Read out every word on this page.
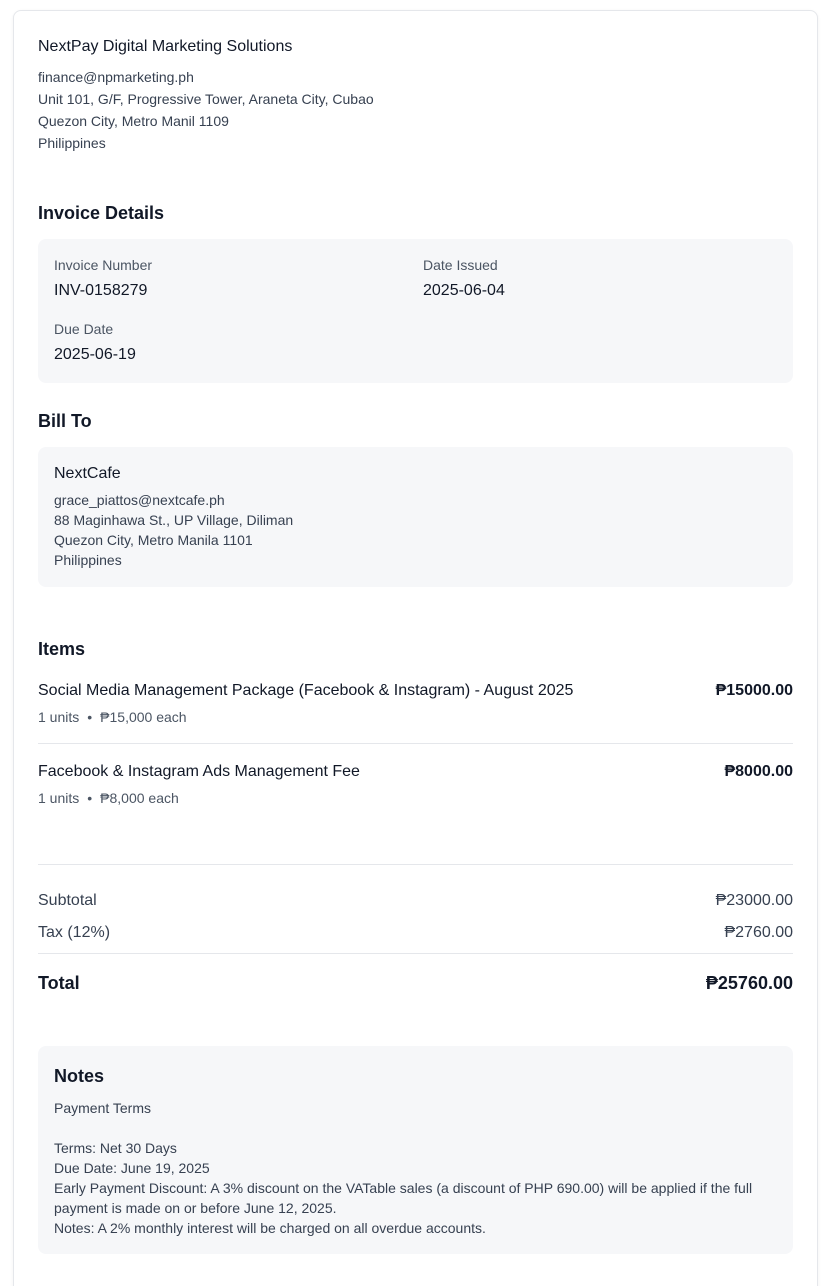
NextPay Digital Marketing Solutions
finance@npmarketing.ph
Unit 101, G/F, Progressive Tower, Araneta City, Cubao
Quezon City, Metro Manil 1109
Philippines
Invoice Details
Invoice Number
INV-0158279
Date Issued
2025-06-04
Due Date
2025-06-19
Bill To
NextCafe
grace_piattos@nextcafe.ph
88 Maginhawa St., UP Village, Diliman
Quezon City, Metro Manila 1101
Philippines
Items
Social Media Management Package (Facebook & Instagram) - August 2025	₱15000.00
1 units • ₱15,000 each
Facebook & Instagram Ads Management Fee	₱8000.00
1 units • ₱8,000 each
Subtotal	₱23000.00
Tax (12%)	₱2760.00
Total	₱25760.00
Notes
Payment Terms
Terms: Net 30 Days
Due Date: June 19, 2025
Early Payment Discount: A 3% discount on the VATable sales (a discount of PHP 690.00) will be applied if the full payment is made on or before June 12, 2025.
Notes: A 2% monthly interest will be charged on all overdue accounts.
